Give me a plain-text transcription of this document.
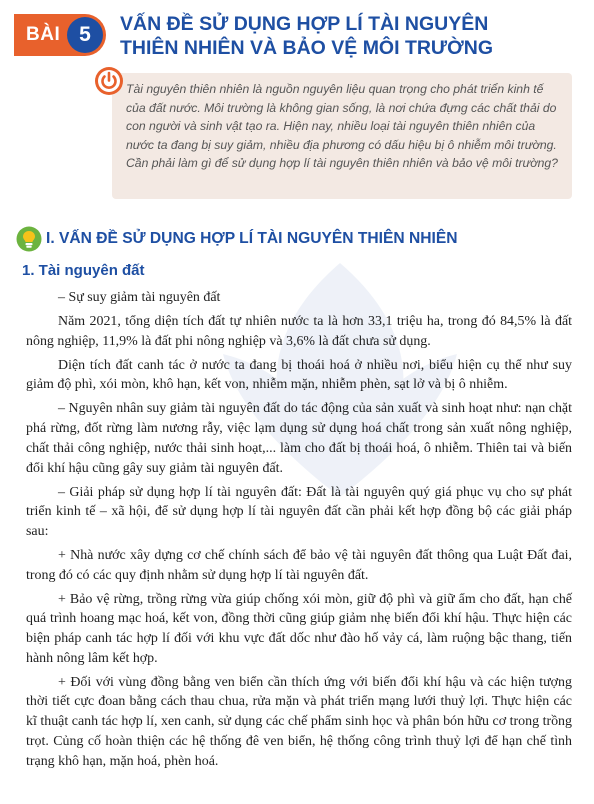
BÀI 5	VẤN ĐỀ SỬ DỤNG HỢP LÍ TÀI NGUYÊN
THIÊN NHIÊN VÀ BẢO VỆ MÔI TRƯỜNG

Tài nguyên thiên nhiên là nguồn nguyên liệu quan trọng cho phát triển kinh tế của đất nước. Môi trường là không gian sống, là nơi chứa đựng các chất thải do con người và sinh vật tạo ra. Hiện nay, nhiều loại tài nguyên thiên nhiên của nước ta đang bị suy giảm, nhiều địa phương có dấu hiệu bị ô nhiễm môi trường. Cần phải làm gì để sử dụng hợp lí tài nguyên thiên nhiên và bảo vệ môi trường?

I. VẤN ĐỀ SỬ DỤNG HỢP LÍ TÀI NGUYÊN THIÊN NHIÊN
1. Tài nguyên đất

– Sự suy giảm tài nguyên đất

Năm 2021, tổng diện tích đất tự nhiên nước ta là hơn 33,1 triệu ha, trong đó 84,5% là đất nông nghiệp, 11,9% là đất phi nông nghiệp và 3,6% là đất chưa sử dụng.

Diện tích đất canh tác ở nước ta đang bị thoái hoá ở nhiều nơi, biểu hiện cụ thể như suy giảm độ phì, xói mòn, khô hạn, kết von, nhiễm mặn, nhiễm phèn, sạt lở và bị ô nhiễm.

– Nguyên nhân suy giảm tài nguyên đất do tác động của sản xuất và sinh hoạt như: nạn chặt phá rừng, đốt rừng làm nương rẫy, việc lạm dụng sử dụng hoá chất trong sản xuất nông nghiệp, chất thải công nghiệp, nước thải sinh hoạt,... làm cho đất bị thoái hoá, ô nhiễm. Thiên tai và biến đổi khí hậu cũng gây suy giảm tài nguyên đất.

– Giải pháp sử dụng hợp lí tài nguyên đất: Đất là tài nguyên quý giá phục vụ cho sự phát triển kinh tế – xã hội, để sử dụng hợp lí tài nguyên đất cần phải kết hợp đồng bộ các giải pháp sau:

+ Nhà nước xây dựng cơ chế chính sách để bảo vệ tài nguyên đất thông qua Luật Đất đai, trong đó có các quy định nhằm sử dụng hợp lí tài nguyên đất.

+ Bảo vệ rừng, trồng rừng vừa giúp chống xói mòn, giữ độ phì và giữ ẩm cho đất, hạn chế quá trình hoang mạc hoá, kết von, đồng thời cũng giúp giảm nhẹ biến đổi khí hậu. Thực hiện các biện pháp canh tác hợp lí đối với khu vực đất dốc như đào hố vảy cá, làm ruộng bậc thang, tiến hành nông lâm kết hợp.

+ Đối với vùng đồng bằng ven biển cần thích ứng với biến đổi khí hậu và các hiện tượng thời tiết cực đoan bằng cách thau chua, rửa mặn và phát triển mạng lưới thuỷ lợi. Thực hiện các kĩ thuật canh tác hợp lí, xen canh, sử dụng các chế phẩm sinh học và phân bón hữu cơ trong trồng trọt. Củng cố hoàn thiện các hệ thống đê ven biển, hệ thống công trình thuỷ lợi để hạn chế tình trạng khô hạn, mặn hoá, phèn hoá.
